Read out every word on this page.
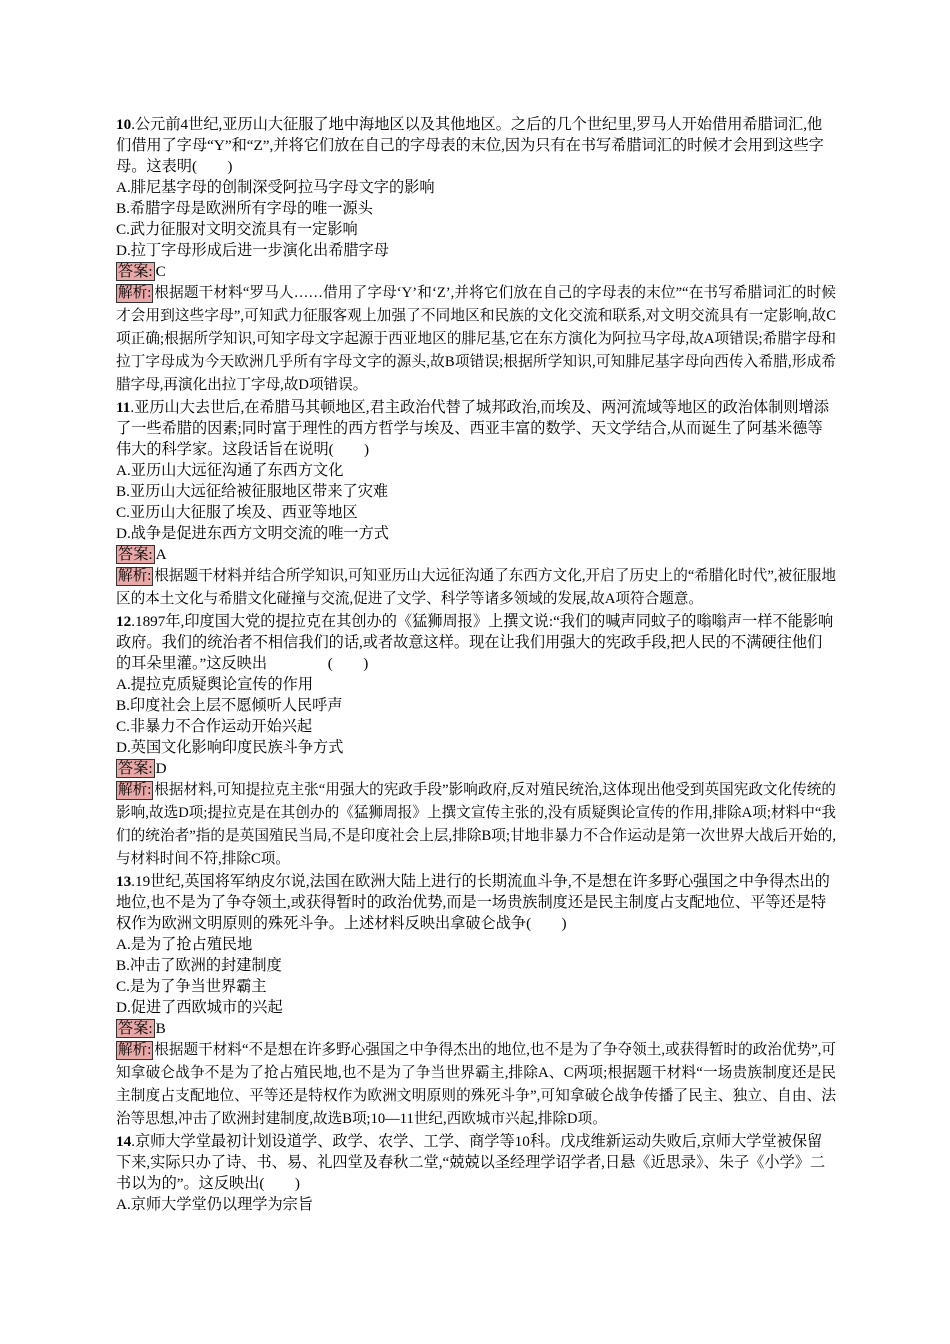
10.公元前4世纪,亚历山大征服了地中海地区以及其他地区。之后的几个世纪里,罗马人开始借用希腊词汇,他们借用了字母“Y”和“Z”,并将它们放在自己的字母表的末位,因为只有在书写希腊词汇的时候才会用到这些字母。这表明(　　)

A.腓尼基字母的创制深受阿拉马字母文字的影响

B.希腊字母是欧洲所有字母的唯一源头

C.武力征服对文明交流具有一定影响

D.拉丁字母形成后进一步演化出希腊字母

答案: C

解析: 根据题干材料“罗马人……借用了字母‘Y’和‘Z’,并将它们放在自己的字母表的末位”“在书写希腊词汇的时候才会用到这些字母”,可知武力征服客观上加强了不同地区和民族的文化交流和联系,对文明交流具有一定影响,故C项正确;根据所学知识,可知字母文字起源于西亚地区的腓尼基,它在东方演化为阿拉马字母,故A项错误;希腊字母和拉丁字母成为今天欧洲几乎所有字母文字的源头,故B项错误;根据所学知识,可知腓尼基字母向西传入希腊,形成希腊字母,再演化出拉丁字母,故D项错误。

11.亚历山大去世后,在希腊马其顿地区,君主政治代替了城邦政治,而埃及、两河流域等地区的政治体制则增添了一些希腊的因素;同时富于理性的西方哲学与埃及、西亚丰富的数学、天文学结合,从而诞生了阿基米德等伟大的科学家。这段话旨在说明(　　)

A.亚历山大远征沟通了东西方文化

B.亚历山大远征给被征服地区带来了灾难

C.亚历山大征服了埃及、西亚等地区

D.战争是促进东西方文明交流的唯一方式

答案: A

解析: 根据题干材料并结合所学知识,可知亚历山大远征沟通了东西方文化,开启了历史上的“希腊化时代”,被征服地区的本土文化与希腊文化碰撞与交流,促进了文学、科学等诸多领域的发展,故A项符合题意。

12.1897年,印度国大党的提拉克在其创办的《猛狮周报》上撰文说:“我们的喊声同蚊子的嗡嗡声一样不能影响政府。我们的统治者不相信我们的话,或者故意这样。现在让我们用强大的宪政手段,把人民的不满硬往他们的耳朵里灌。”这反映出　　　　(　　)

A.提拉克质疑舆论宣传的作用

B.印度社会上层不愿倾听人民呼声

C.非暴力不合作运动开始兴起

D.英国文化影响印度民族斗争方式

答案: D

解析: 根据材料,可知提拉克主张“用强大的宪政手段”影响政府,反对殖民统治,这体现出他受到英国宪政文化传统的影响,故选D项;提拉克是在其创办的《猛狮周报》上撰文宣传主张的,没有质疑舆论宣传的作用,排除A项;材料中“我们的统治者”指的是英国殖民当局,不是印度社会上层,排除B项;甘地非暴力不合作运动是第一次世界大战后开始的,与材料时间不符,排除C项。

13.19世纪,英国将军纳皮尔说,法国在欧洲大陆上进行的长期流血斗争,不是想在许多野心强国之中争得杰出的地位,也不是为了争夺领土,或获得暂时的政治优势,而是一场贵族制度还是民主制度占支配地位、平等还是特权作为欧洲文明原则的殊死斗争。上述材料反映出拿破仑战争(　　)

A.是为了抢占殖民地

B.冲击了欧洲的封建制度

C.是为了争当世界霸主

D.促进了西欧城市的兴起

答案: B

解析: 根据题干材料“不是想在许多野心强国之中争得杰出的地位,也不是为了争夺领土,或获得暂时的政治优势”,可知拿破仑战争不是为了抢占殖民地,也不是为了争当世界霸主,排除A、C两项;根据题干材料“一场贵族制度还是民主制度占支配地位、平等还是特权作为欧洲文明原则的殊死斗争”,可知拿破仑战争传播了民主、独立、自由、法治等思想,冲击了欧洲封建制度,故选B项;10—11世纪,西欧城市兴起,排除D项。

14.京师大学堂最初计划设道学、政学、农学、工学、商学等10科。戊戌维新运动失败后,京师大学堂被保留下来,实际只办了诗、书、易、礼四堂及春秋二堂,“兢兢以圣经理学诏学者,日悬《近思录》、朱子《小学》二书以为的”。这反映出(　　)

A.京师大学堂仍以理学为宗旨
